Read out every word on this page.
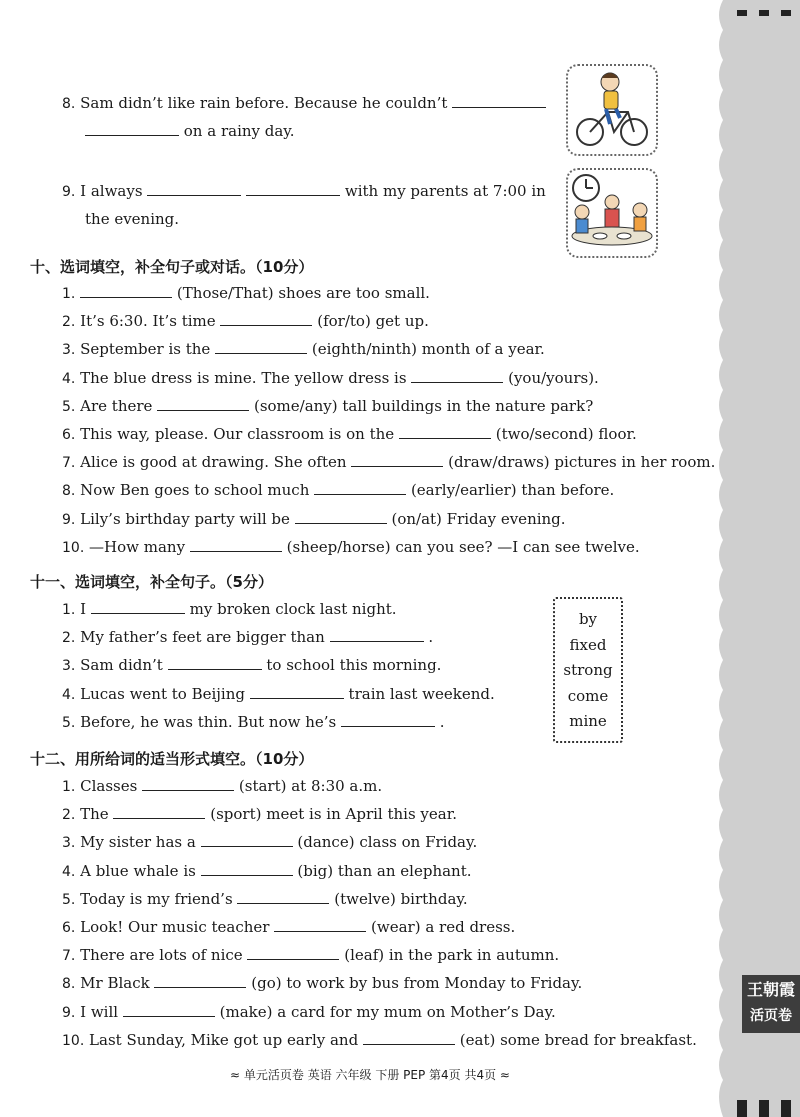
王朝霞
活页卷
8. Sam didn’t like rain before. Because he couldn’t
on a rainy day.
9. I always	with my parents at 7:00 in
the evening.
十、选词填空，补全句子或对话。（10分）
1.	(Those/That) shoes are too small.
2. It’s 6:30. It’s time	(for/to) get up.
3. September is the	(eighth/ninth) month of a year.
4. The blue dress is mine. The yellow dress is	(you/yours).
5. Are there	(some/any) tall buildings in the nature park?
6. This way, please. Our classroom is on the	(two/second) floor.
7. Alice is good at drawing. She often	(draw/draws) pictures in her room.
8. Now Ben goes to school much	(early/earlier) than before.
9. Lily’s birthday party will be	(on/at) Friday evening.
10. —How many	(sheep/horse) can you see? —I can see twelve.
十一、选词填空，补全句子。（5分）
1. I	my broken clock last night.
2. My father’s feet are bigger than	.
3. Sam didn’t	to school this morning.
4. Lucas went to Beijing	train last weekend.
5. Before, he was thin. But now he’s	.
by
fixed
strong
come
mine
十二、用所给词的适当形式填空。（10分）
1. Classes	(start) at 8:30 a.m.
2. The	(sport) meet is in April this year.
3. My sister has a	(dance) class on Friday.
4. A blue whale is	(big) than an elephant.
5. Today is my friend’s	(twelve) birthday.
6. Look! Our music teacher	(wear) a red dress.
7. There are lots of nice	(leaf) in the park in autumn.
8. Mr Black	(go) to work by bus from Monday to Friday.
9. I will	(make) a card for my mum on Mother’s Day.
10. Last Sunday, Mike got up early and	(eat) some bread for breakfast.
≈ 单元活页卷 英语 六年级 下册 PEP 第4页 共4页 ≈
